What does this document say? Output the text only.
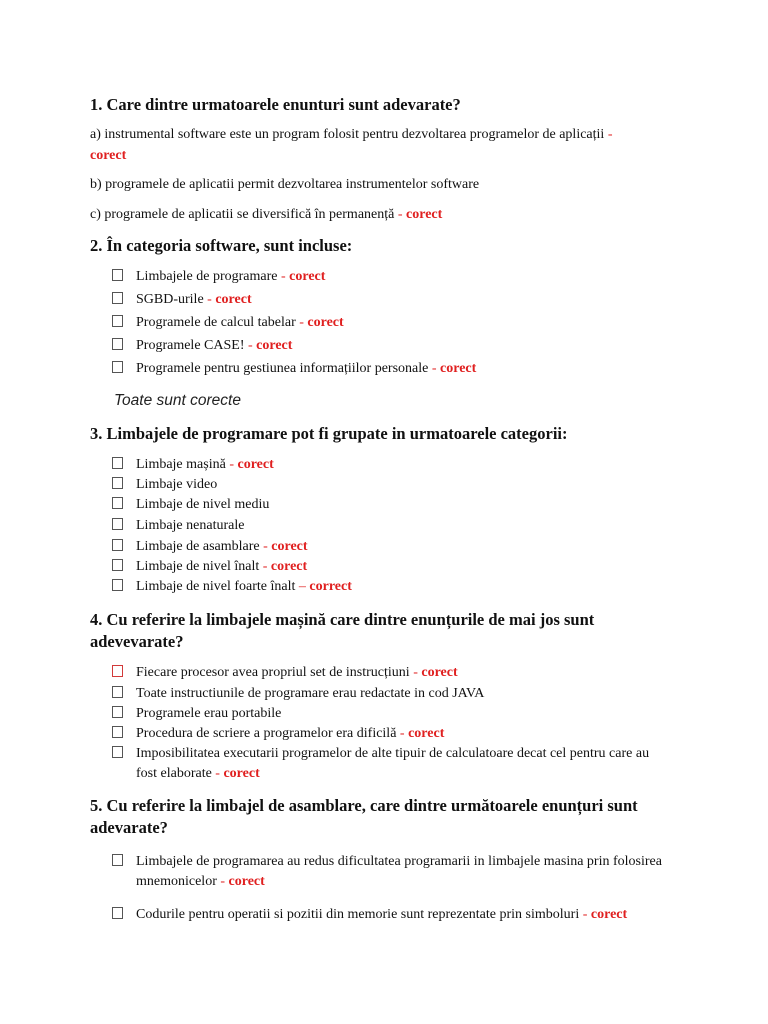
1. Care dintre urmatoarele enunturi sunt adevarate?
a) instrumental software este un program folosit pentru dezvoltarea programelor de aplicații -
corect
b) programele de aplicatii permit dezvoltarea instrumentelor software
c) programele de aplicatii se diversifică în permanență - corect
2. În categoria software, sunt incluse:
Limbajele de programare - corect
SGBD-urile - corect
Programele de calcul tabelar - corect
Programele CASE! - corect
Programele pentru gestiunea informațiilor personale - corect
Toate sunt corecte
3. Limbajele de programare pot fi grupate in urmatoarele categorii:
Limbaje mașină - corect
Limbaje video
Limbaje de nivel mediu
Limbaje nenaturale
Limbaje de asamblare - corect
Limbaje de nivel înalt - corect
Limbaje de nivel foarte înalt – correct
4. Cu referire la limbajele mașină care dintre enunțurile de mai jos sunt adevevarate?
Fiecare procesor avea propriul set de instrucțiuni - corect
Toate instructiunile de programare erau redactate in cod JAVA
Programele erau portabile
Procedura de scriere a programelor era dificilă - corect
Imposibilitatea executarii programelor de alte tipuir de calculatoare decat cel pentru care au fost elaborate - corect
5. Cu referire la limbajel de asamblare, care dintre următoarele enunțuri sunt adevarate?
Limbajele de programarea au redus dificultatea programarii in limbajele masina prin folosirea mnemonicelor - corect
Codurile pentru operatii si pozitii din memorie sunt reprezentate prin simboluri - corect
